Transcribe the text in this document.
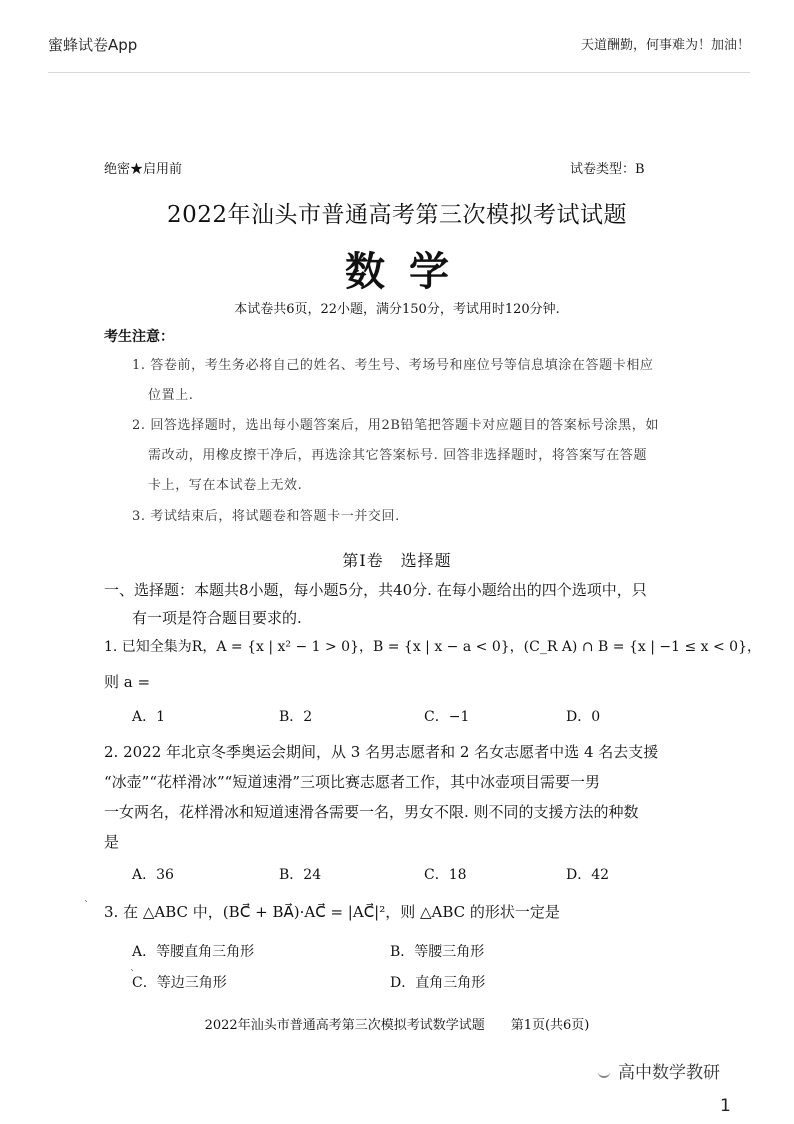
蜜蜂试卷App	天道酬勤，何事难为！加油！
绝密★启用前	试卷类型：B
2022年汕头市普通高考第三次模拟考试试题
数学
本试卷共6页，22小题，满分150分，考试用时120分钟.
考生注意：
1. 答卷前，考生务必将自己的姓名、考生号、考场号和座位号等信息填涂在答题卡相应
位置上.
2. 回答选择题时，选出每小题答案后，用2B铅笔把答题卡对应题目的答案标号涂黑，如
需改动，用橡皮擦干净后，再选涂其它答案标号. 回答非选择题时，将答案写在答题
卡上，写在本试卷上无效.
3. 考试结束后，将试题卷和答题卡一并交回.
第Ⅰ卷　选择题
一、选择题：本题共8小题，每小题5分，共40分. 在每小题给出的四个选项中，只
有一项是符合题目要求的.
1. 已知全集为R，A = {x | x² − 1 > 0}，B = {x | x − a < 0}，(C_R A) ∩ B = {x | −1 ≤ x < 0}，
则 a =
A．1	B．2	C．−1	D．0
2. 2022 年北京冬季奥运会期间，从 3 名男志愿者和 2 名女志愿者中选 4 名去支援
“冰壶”“花样滑冰”“短道速滑”三项比赛志愿者工作，其中冰壶项目需要一男
一女两名，花样滑冰和短道速滑各需要一名，男女不限. 则不同的支援方法的种数
是
A．36	B．24	C．18	D．42
` 3. 在 △ABC 中，(BC⃗ + BA⃗)·AC⃗ = |AC⃗|²，则 △ABC 的形状一定是
A．等腰直角三角形	B．等腰三角形
`
C．等边三角形	D．直角三角形
2022年汕头市普通高考第三次模拟考试数学试题　　第1页(共6页)
高中数学教研
1
